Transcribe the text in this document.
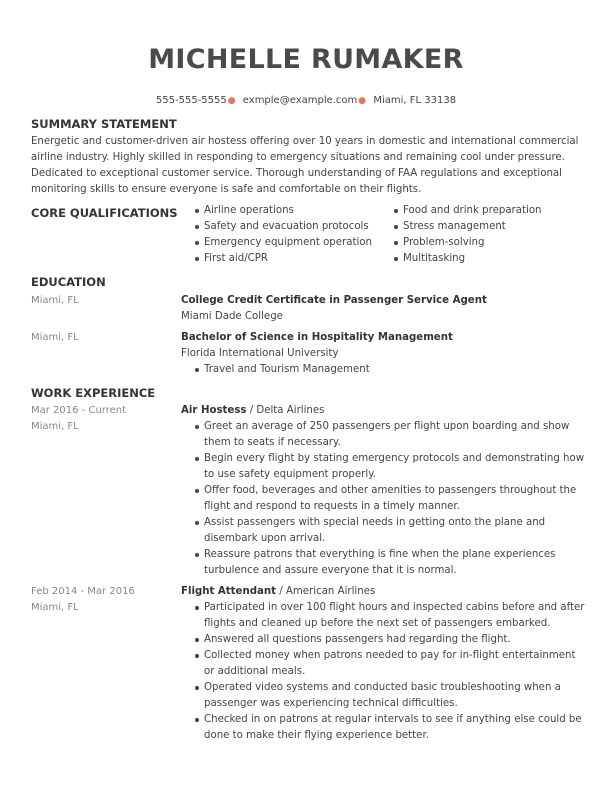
MICHELLE RUMAKER
555-555-5555● exmple@example.com● Miami, FL 33138
SUMMARY STATEMENT
Energetic and customer-driven air hostess offering over 10 years in domestic and international commercial
airline industry. Highly skilled in responding to emergency situations and remaining cool under pressure.
Dedicated to exceptional customer service. Thorough understanding of FAA regulations and exceptional
monitoring skills to ensure everyone is safe and comfortable on their flights.
CORE QUALIFICATIONS	Airline operations
Safety and evacuation protocols
Emergency equipment operation
First aid/CPR
Food and drink preparation
Stress management
Problem-solving
Multitasking
EDUCATION
Miami, FL	College Credit Certificate in Passenger Service Agent
Miami Dade College
Miami, FL	Bachelor of Science in Hospitality Management
Florida International University
Travel and Tourism Management
WORK EXPERIENCE
Mar 2016 - Current
Miami, FL
Air Hostess / Delta Airlines
Greet an average of 250 passengers per flight upon boarding and show
them to seats if necessary.
Begin every flight by stating emergency protocols and demonstrating how
to use safety equipment properly.
Offer food, beverages and other amenities to passengers throughout the
flight and respond to requests in a timely manner.
Assist passengers with special needs in getting onto the plane and
disembark upon arrival.
Reassure patrons that everything is fine when the plane experiences
turbulence and assure everyone that it is normal.
Feb 2014 - Mar 2016
Miami, FL
Flight Attendant / American Airlines
Participated in over 100 flight hours and inspected cabins before and after
flights and cleaned up before the next set of passengers embarked.
Answered all questions passengers had regarding the flight.
Collected money when patrons needed to pay for in-flight entertainment
or additional meals.
Operated video systems and conducted basic troubleshooting when a
passenger was experiencing technical difficulties.
Checked in on patrons at regular intervals to see if anything else could be
done to make their flying experience better.
